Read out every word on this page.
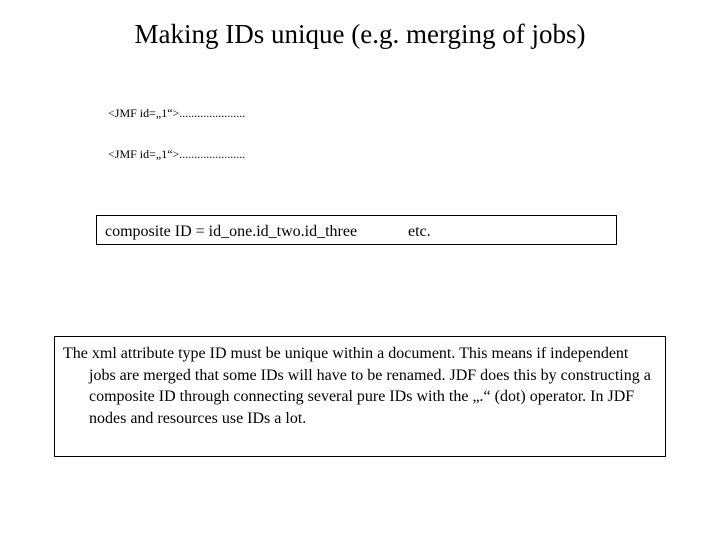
Making IDs unique (e.g. merging of jobs)
<JMF id=„1“>......................
<JMF id=„1“>......................
composite ID = id_one.id_two.id_three	etc.
The xml attribute type ID must be unique within a document. This means if independent jobs are merged that some IDs will have to be renamed. JDF does this by constructing a composite ID through connecting several pure IDs with the „.“ (dot) operator. In JDF nodes and resources use IDs a lot.
